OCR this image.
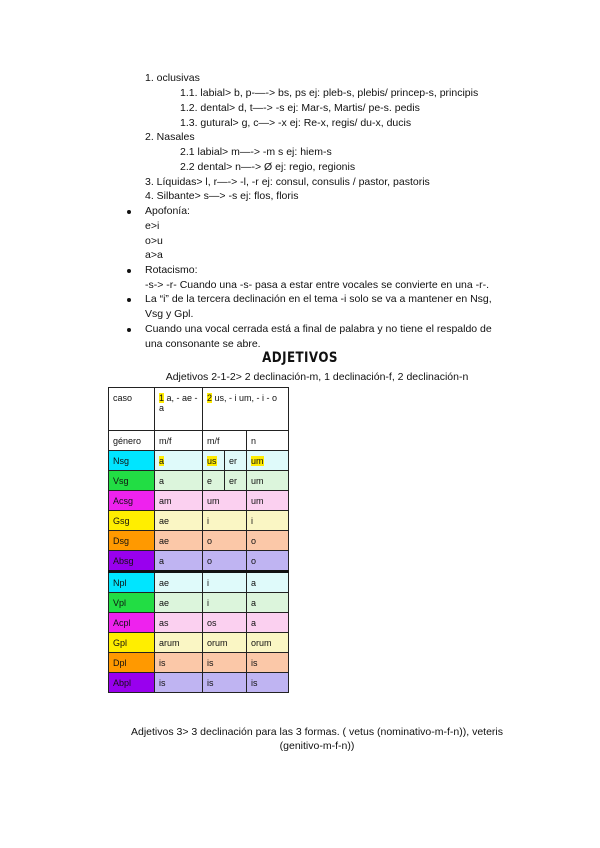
1. oclusivas
1.1. labial> b, p-—-> bs, ps ej: pleb-s, plebis/ princep-s, principis
1.2. dental> d, t—-> -s ej: Mar-s, Martis/ pe-s. pedis
1.3. gutural> g, c—> -x ej: Re-x, regis/ du-x, ducis
2. Nasales
2.1 labial> m—-> -m s ej: hiem-s
2.2 dental> n—-> Ø ej: regio, regionis
3. Líquidas> l, r—-> -l, -r ej: consul, consulis / pastor, pastoris
4. Silbante> s—> -s ej: flos, floris
Apofonía:
e>i
o>u
a>a
Rotacismo:
-s-> -r- Cuando una -s- pasa a estar entre vocales se convierte en una -r-.
La “i” de la tercera declinación en el tema -i solo se va a mantener en Nsg,
Vsg y Gpl.
Cuando una vocal cerrada está a final de palabra y no tiene el respaldo de
una consonante se abre.
ADJETIVOS
Adjetivos 2-1-2> 2 declinación-m, 1 declinación-f, 2 declinación-n
caso	1 a, - ae - a	2 us, - i um, - i - o		
género	m/f	m/f		n
Nsg	a	us	er	um
Vsg	a	e	er	um
Acsg	am	um		um
Gsg	ae	i		i
Dsg	ae	o		o
Absg	a	o		o
Npl	ae	i		a
Vpl	ae	i		a
Acpl	as	os		a
Gpl	arum	orum		orum
Dpl	is	is		is
Abpl	is	is		is
Adjetivos 3> 3 declinación para las 3 formas. ( vetus (nominativo-m-f-n)), veteris
(genitivo-m-f-n))
